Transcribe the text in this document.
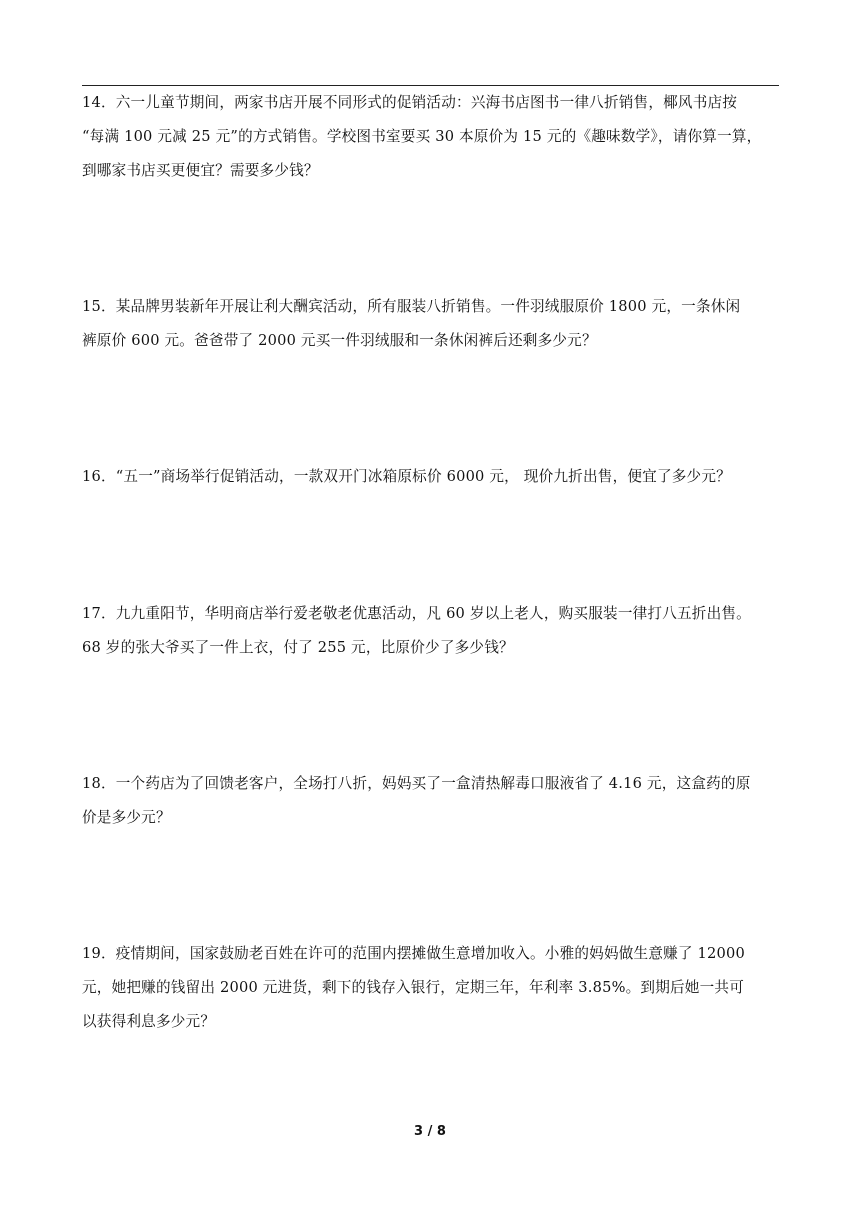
14．六一儿童节期间，两家书店开展不同形式的促销活动：兴海书店图书一律八折销售，椰风书店按
“每满 100 元减 25 元”的方式销售。学校图书室要买 30 本原价为 15 元的《趣味数学》，请你算一算，
到哪家书店买更便宜？需要多少钱？
15．某品牌男装新年开展让利大酬宾活动，所有服装八折销售。一件羽绒服原价 1800 元，一条休闲
裤原价 600 元。爸爸带了 2000 元买一件羽绒服和一条休闲裤后还剩多少元？
16．“五一”商场举行促销活动，一款双开门冰箱原标价 6000 元， 现价九折出售，便宜了多少元？
17．九九重阳节，华明商店举行爱老敬老优惠活动，凡 60 岁以上老人，购买服装一律打八五折出售。
68 岁的张大爷买了一件上衣，付了 255 元，比原价少了多少钱？
18．一个药店为了回馈老客户，全场打八折，妈妈买了一盒清热解毒口服液省了 4.16 元，这盒药的原
价是多少元？
19．疫情期间，国家鼓励老百姓在许可的范围内摆摊做生意增加收入。小雅的妈妈做生意赚了 12000
元，她把赚的钱留出 2000 元进货，剩下的钱存入银行，定期三年，年利率 3.85%。到期后她一共可
以获得利息多少元？
3 / 8
